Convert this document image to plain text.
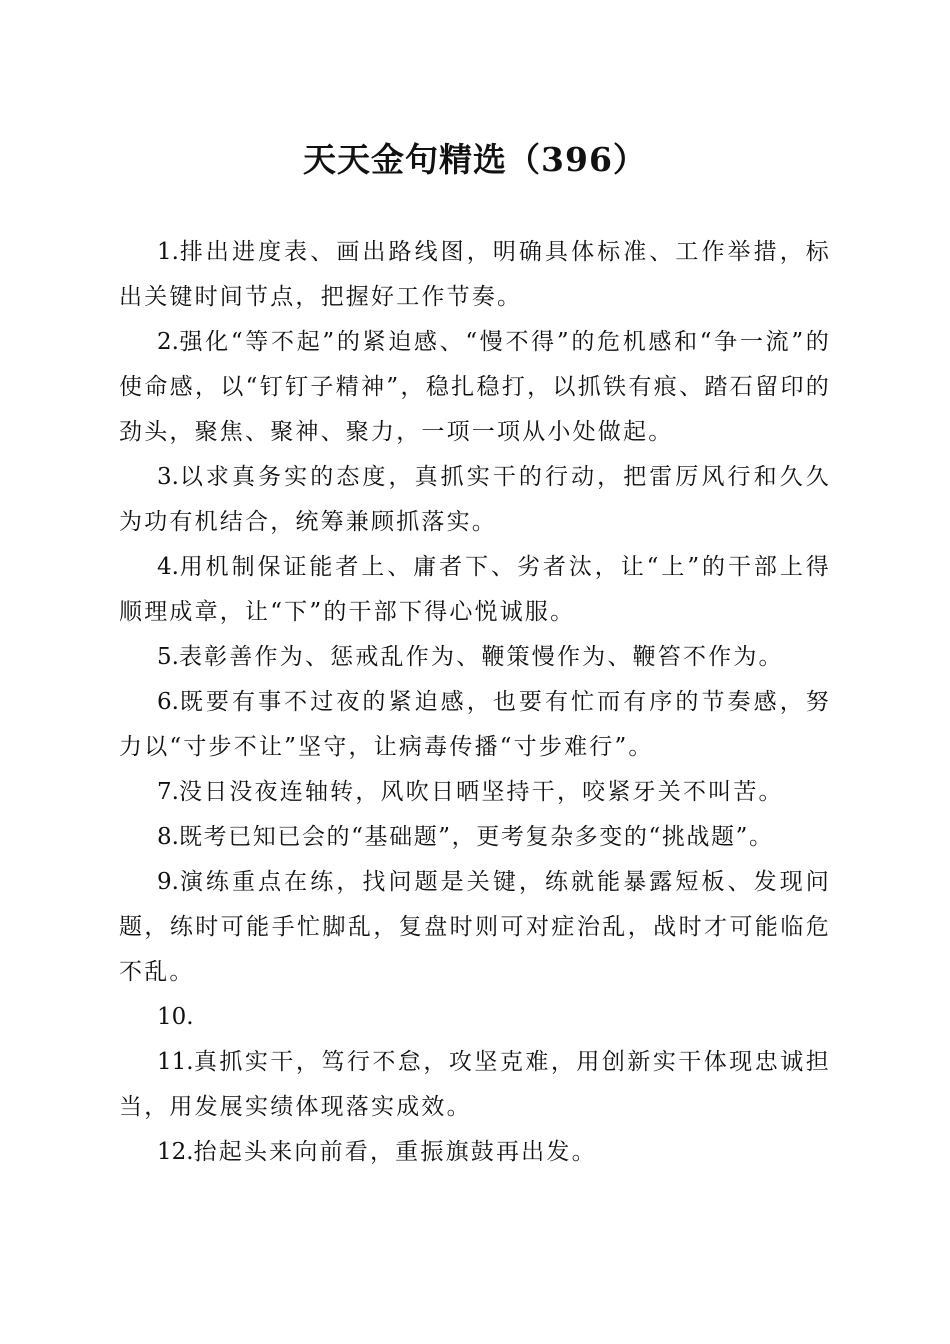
天天金句精选（396）

1.排出进度表、画出路线图，明确具体标准、工作举措，标出关键时间节点，把握好工作节奏。

2.强化“等不起”的紧迫感、“慢不得”的危机感和“争一流”的使命感，以“钉钉子精神”，稳扎稳打，以抓铁有痕、踏石留印的劲头，聚焦、聚神、聚力，一项一项从小处做起。

3.以求真务实的态度，真抓实干的行动，把雷厉风行和久久为功有机结合，统筹兼顾抓落实。

4.用机制保证能者上、庸者下、劣者汰，让“上”的干部上得顺理成章，让“下”的干部下得心悦诚服。

5.表彰善作为、惩戒乱作为、鞭策慢作为、鞭笞不作为。

6.既要有事不过夜的紧迫感，也要有忙而有序的节奏感，努力以“寸步不让”坚守，让病毒传播“寸步难行”。

7.没日没夜连轴转，风吹日晒坚持干，咬紧牙关不叫苦。

8.既考已知已会的“基础题”，更考复杂多变的“挑战题”。

9.演练重点在练，找问题是关键，练就能暴露短板、发现问题，练时可能手忙脚乱，复盘时则可对症治乱，战时才可能临危不乱。

10.

11.真抓实干，笃行不怠，攻坚克难，用创新实干体现忠诚担当，用发展实绩体现落实成效。

12.抬起头来向前看，重振旗鼓再出发。
